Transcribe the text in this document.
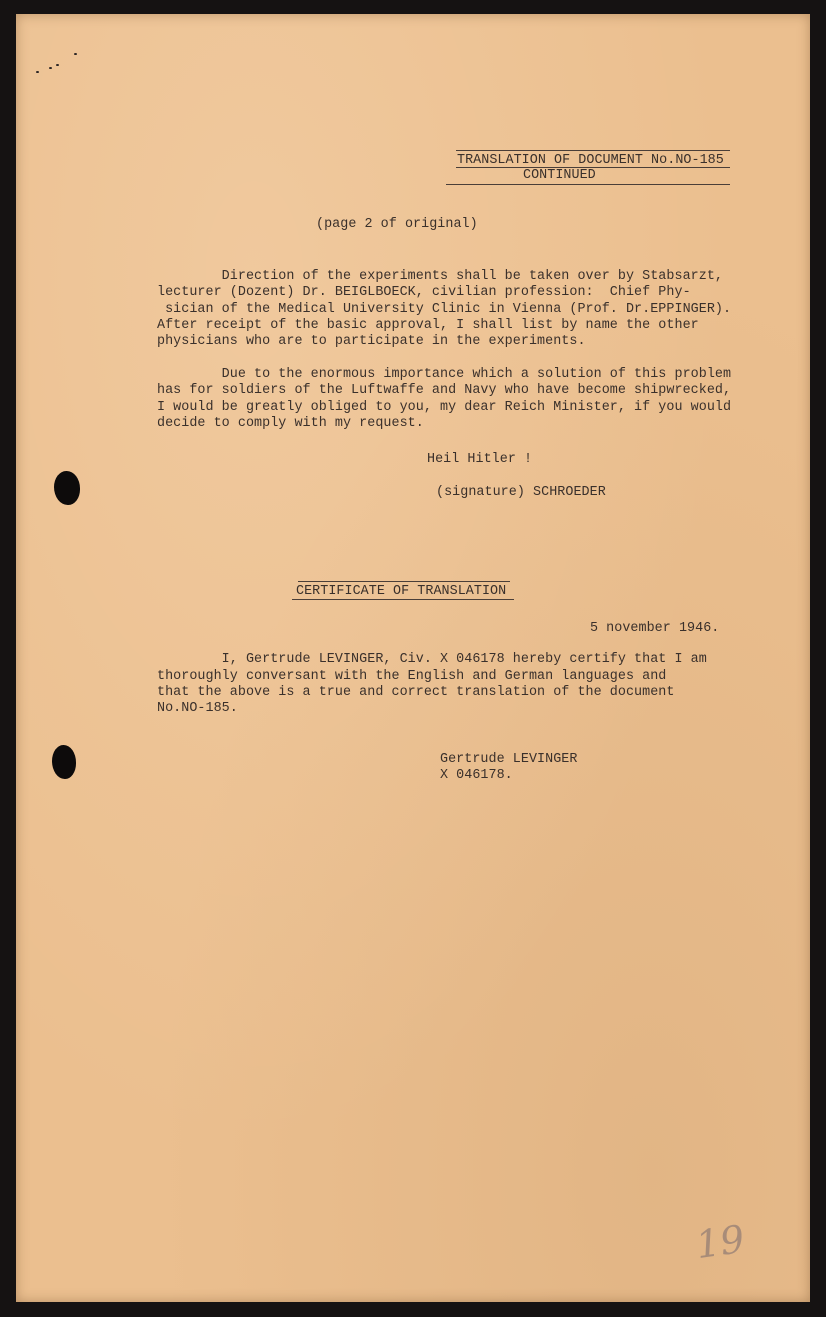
TRANSLATION OF DOCUMENT No.NO-185
CONTINUED
(page 2 of original)
Direction of the experiments shall be taken over by Stabsarzt,
lecturer (Dozent) Dr. BEIGLBOECK, civilian profession:  Chief Phy-
sician of the Medical University Clinic in Vienna (Prof. Dr.EPPINGER).
After receipt of the basic approval, I shall list by name the other
physicians who are to participate in the experiments.
Due to the enormous importance which a solution of this problem
has for soldiers of the Luftwaffe and Navy who have become shipwrecked,
I would be greatly obliged to you, my dear Reich Minister, if you would
decide to comply with my request.
Heil Hitler !
(signature) SCHROEDER
CERTIFICATE OF TRANSLATION
5 november 1946.
I, Gertrude LEVINGER, Civ. X 046178 hereby certify that I am
thoroughly conversant with the English and German languages and
that the above is a true and correct translation of the document
No.NO-185.
Gertrude LEVINGER
X 046178.
19
